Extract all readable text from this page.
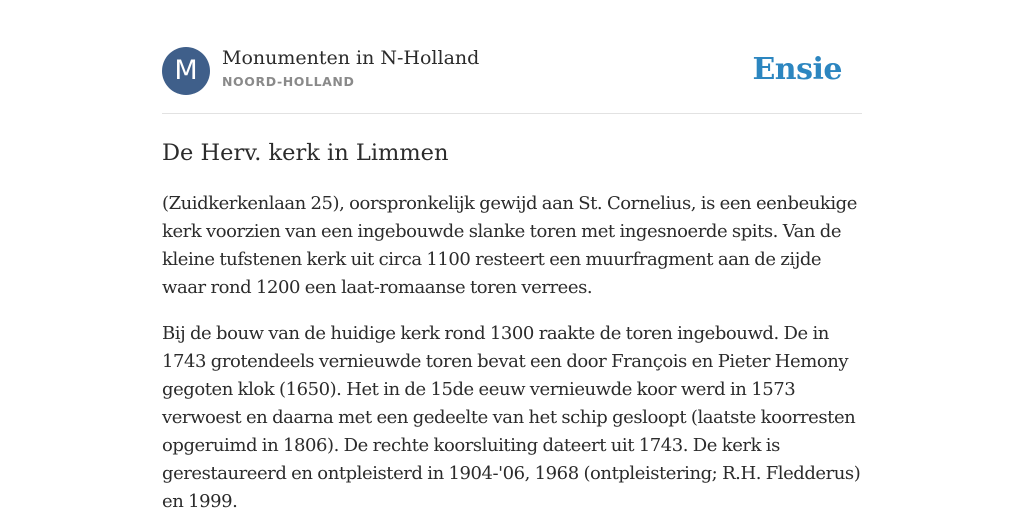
M	Monumenten in N-Holland
NOORD-HOLLAND	Ensie
De Herv. kerk in Limmen

(Zuidkerkenlaan 25), oorspronkelijk gewijd aan St. Cornelius, is een eenbeukige kerk voorzien van een ingebouwde slanke toren met ingesnoerde spits. Van de kleine tufstenen kerk uit circa 1100 resteert een muurfragment aan de zijde waar rond 1200 een laat-romaanse toren verrees.

Bij de bouw van de huidige kerk rond 1300 raakte de toren ingebouwd. De in 1743 grotendeels vernieuwde toren bevat een door François en Pieter Hemony gegoten klok (1650). Het in de 15de eeuw vernieuwde koor werd in 1573 verwoest en daarna met een gedeelte van het schip gesloopt (laatste koorresten opgeruimd in 1806). De rechte koorsluiting dateert uit 1743. De kerk is gerestaureerd en ontpleisterd in 1904-'06, 1968 (ontpleistering; R.H. Fledderus) en 1999.
